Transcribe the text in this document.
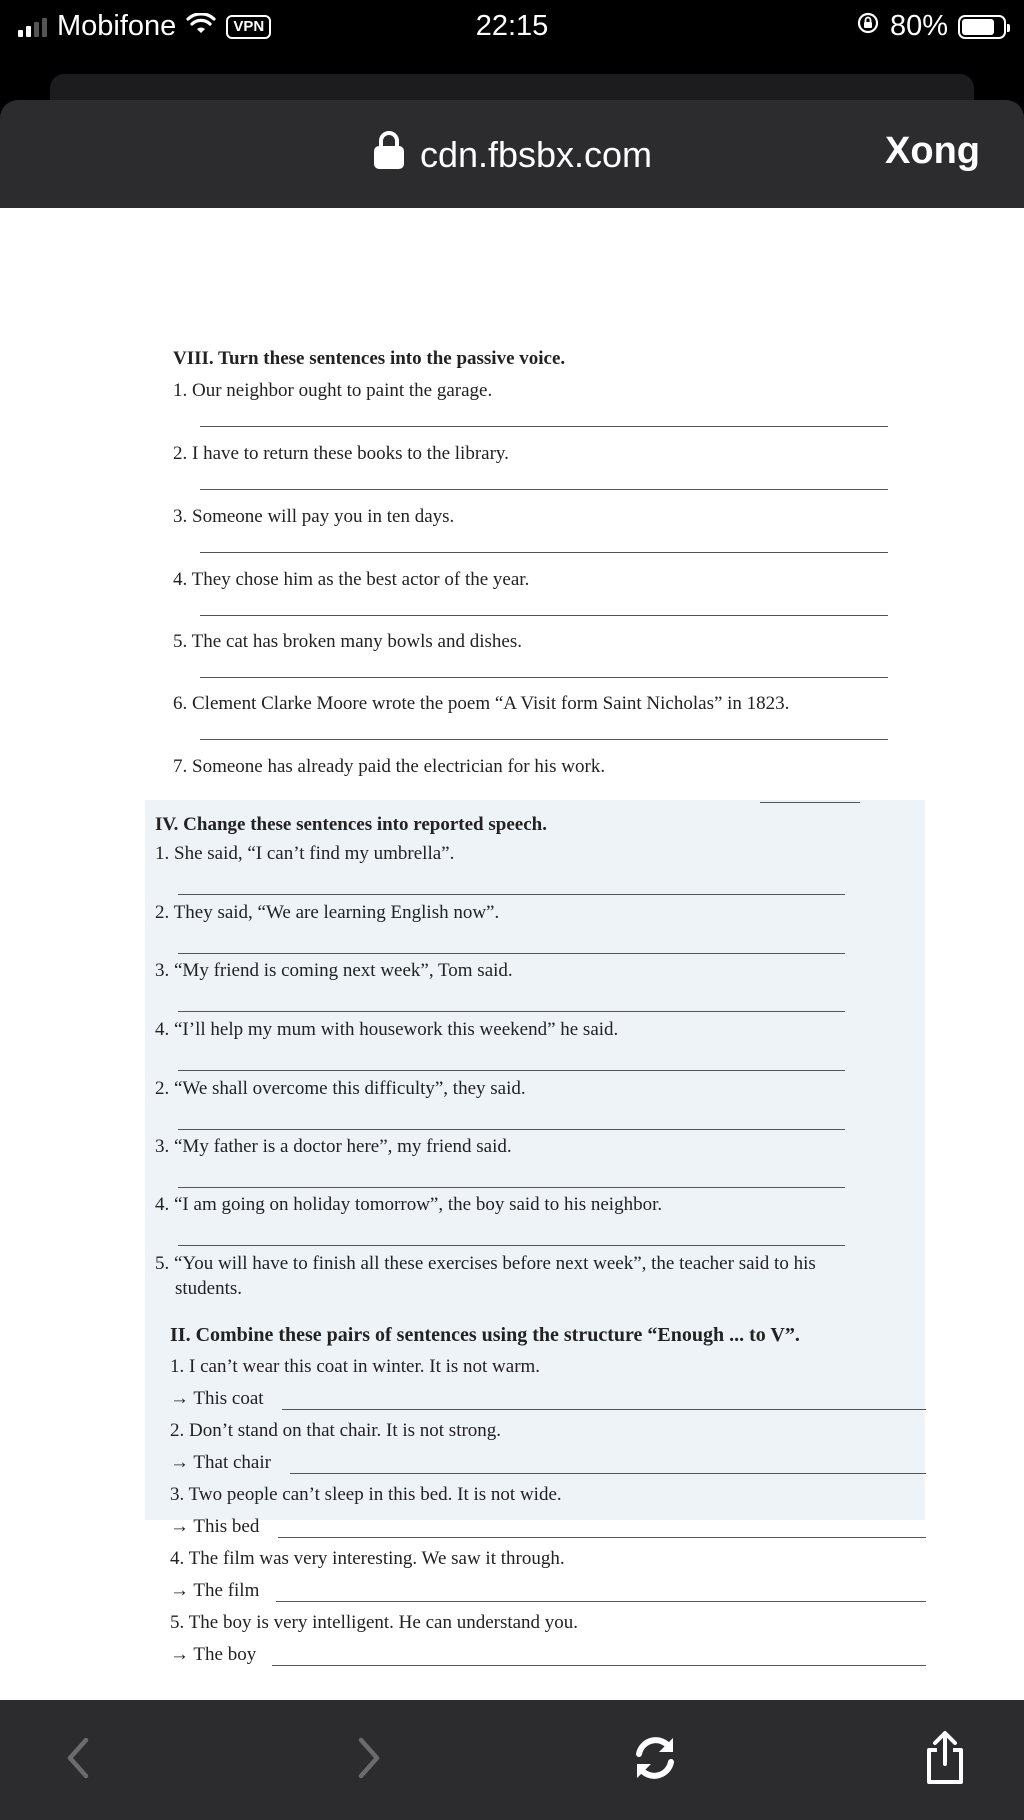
Mobifone	VPN	22:15	80%
cdn.fbsbx.com	Xong
VIII. Turn these sentences into the passive voice.
1. Our neighbor ought to paint the garage.
2. I have to return these books to the library.
3. Someone will pay you in ten days.
4. They chose him as the best actor of the year.
5. The cat has broken many bowls and dishes.
6. Clement Clarke Moore wrote the poem “A Visit form Saint Nicholas” in 1823.
7. Someone has already paid the electrician for his work.
IV. Change these sentences into reported speech.
1. She said, “I can’t find my umbrella”.
2. They said, “We are learning English now”.
3. “My friend is coming next week”, Tom said.
4. “I’ll help my mum with housework this weekend” he said.
2. “We shall overcome this difficulty”, they said.
3. “My father is a doctor here”, my friend said.
4. “I am going on holiday tomorrow”, the boy said to his neighbor.
5. “You will have to finish all these exercises before next week”, the teacher said to his
students.
II. Combine these pairs of sentences using the structure “Enough ... to V”.
1. I can’t wear this coat in winter. It is not warm.
→ This coat
2. Don’t stand on that chair. It is not strong.
→ That chair
3. Two people can’t sleep in this bed. It is not wide.
→ This bed
4. The film was very interesting. We saw it through.
→ The film
5. The boy is very intelligent. He can understand you.
→ The boy
